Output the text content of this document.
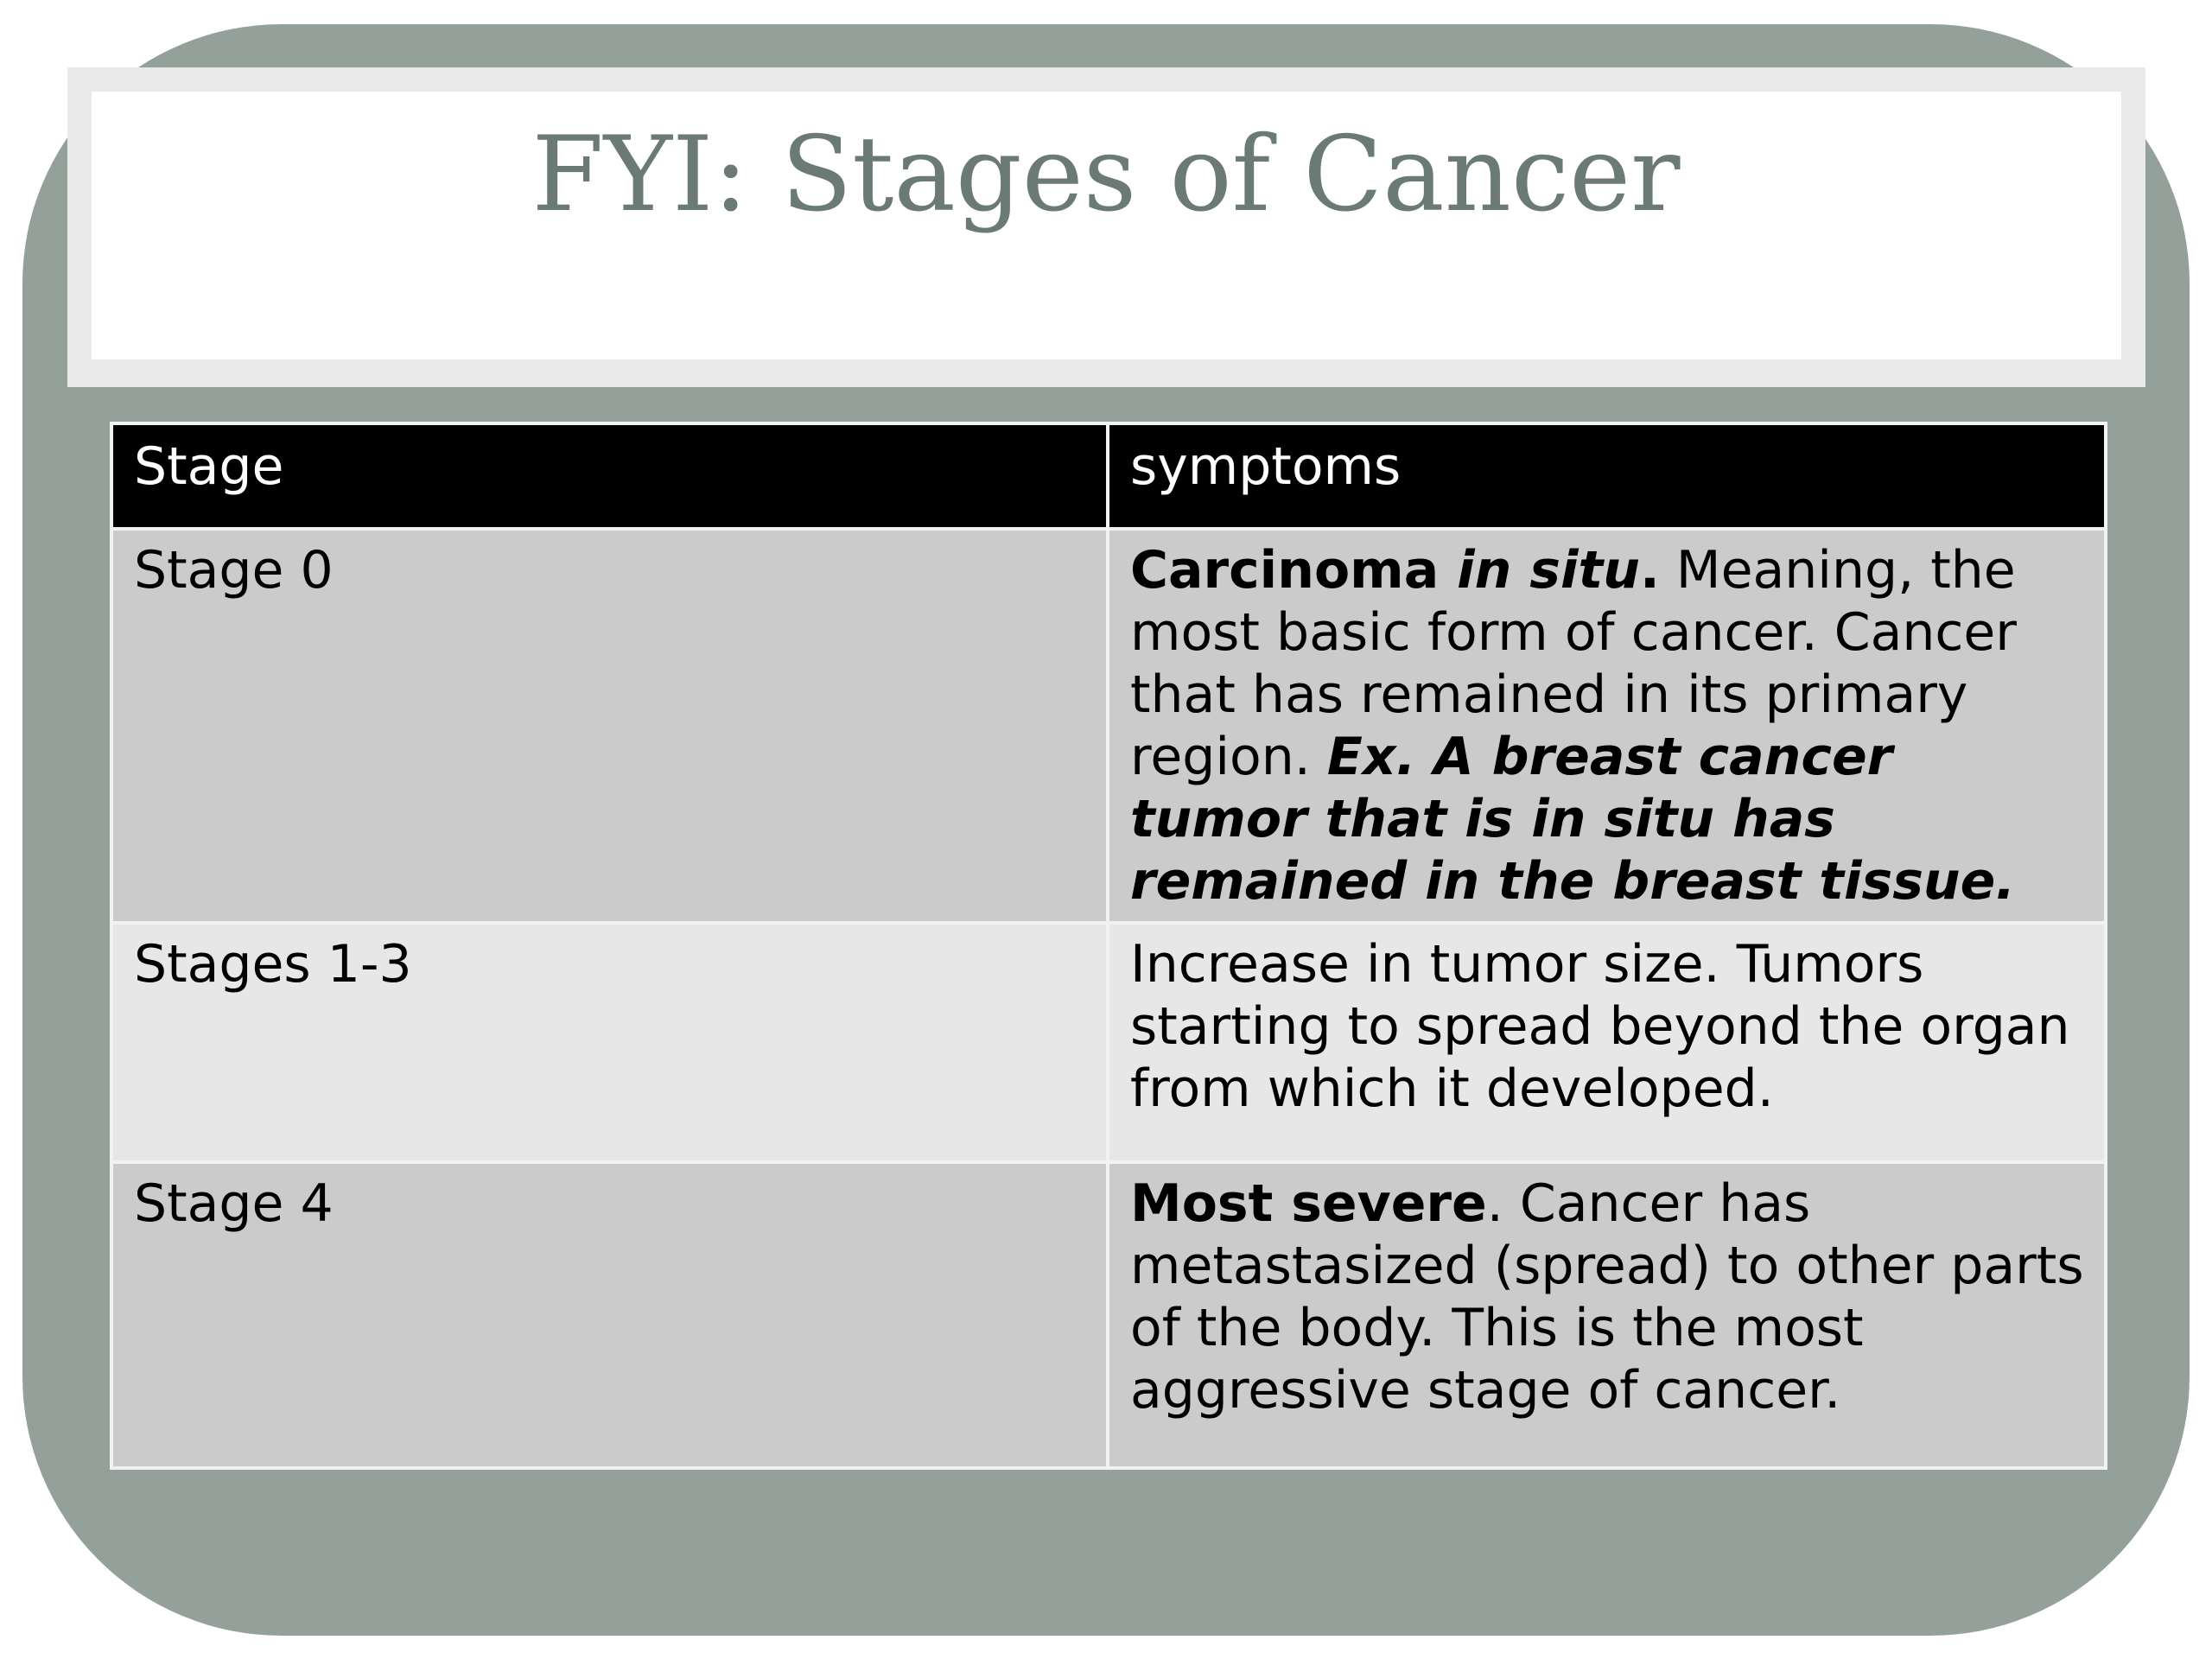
FYI: Stages of Cancer
Stage	symptoms
Stage 0	Carcinoma in situ. Meaning, the most basic form of cancer. Cancer that has remained in its primary region. Ex. A breast cancer tumor that is in situ has remained in the breast tissue.
Stages 1-3	Increase in tumor size. Tumors starting to spread beyond the organ from which it developed.
Stage 4	Most severe. Cancer has metastasized (spread) to other parts of the body. This is the most aggressive stage of cancer.
